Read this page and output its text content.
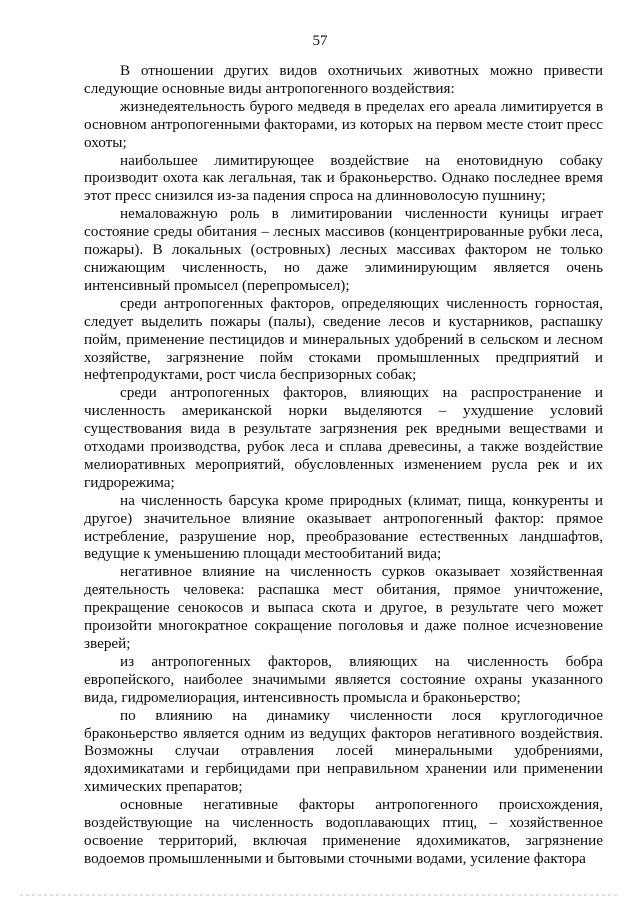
57

В отношении других видов охотничьих животных можно привести следующие основные виды антропогенного воздействия:

жизнедеятельность бурого медведя в пределах его ареала лимитируется в основном антропогенными факторами, из которых на первом месте стоит пресс охоты;

наибольшее лимитирующее воздействие на енотовидную собаку производит охота как легальная, так и браконьерство. Однако последнее время этот пресс снизился из-за падения спроса на длинноволосую пушнину;

немаловажную роль в лимитировании численности куницы играет состояние среды обитания – лесных массивов (концентрированные рубки леса, пожары). В локальных (островных) лесных массивах фактором не только снижающим численность, но даже элиминирующим является очень интенсивный промысел (перепромысел);

среди антропогенных факторов, определяющих численность горностая, следует выделить пожары (палы), сведение лесов и кустарников, распашку пойм, применение пестицидов и минеральных удобрений в сельском и лесном хозяйстве, загрязнение пойм стоками промышленных предприятий и нефтепродуктами, рост числа беспризорных собак;

среди антропогенных факторов, влияющих на распространение и численность американской норки выделяются – ухудшение условий существования вида в результате загрязнения рек вредными веществами и отходами производства, рубок леса и сплава древесины, а также воздействие мелиоративных мероприятий, обусловленных изменением русла рек и их гидрорежима;

на численность барсука кроме природных (климат, пища, конкуренты и другое) значительное влияние оказывает антропогенный фактор: прямое истребление, разрушение нор, преобразование естественных ландшафтов, ведущие к уменьшению площади местообитаний вида;

негативное влияние на численность сурков оказывает хозяйственная деятельность человека: распашка мест обитания, прямое уничтожение, прекращение сенокосов и выпаса скота и другое, в результате чего может произойти многократное сокращение поголовья и даже полное исчезновение зверей;

из антропогенных факторов, влияющих на численность бобра европейского, наиболее значимыми является состояние охраны указанного вида, гидромелиорация, интенсивность промысла и браконьерство;

по влиянию на динамику численности лося круглогодичное браконьерство является одним из ведущих факторов негативного воздействия. Возможны случаи отравления лосей минеральными удобрениями, ядохимикатами и гербицидами при неправильном хранении или применении химических препаратов;

основные негативные факторы антропогенного происхождения, воздействующие на численность водоплавающих птиц, – хозяйственное освоение территорий, включая применение ядохимикатов, загрязнение водоемов промышленными и бытовыми сточными водами, усиление фактора
